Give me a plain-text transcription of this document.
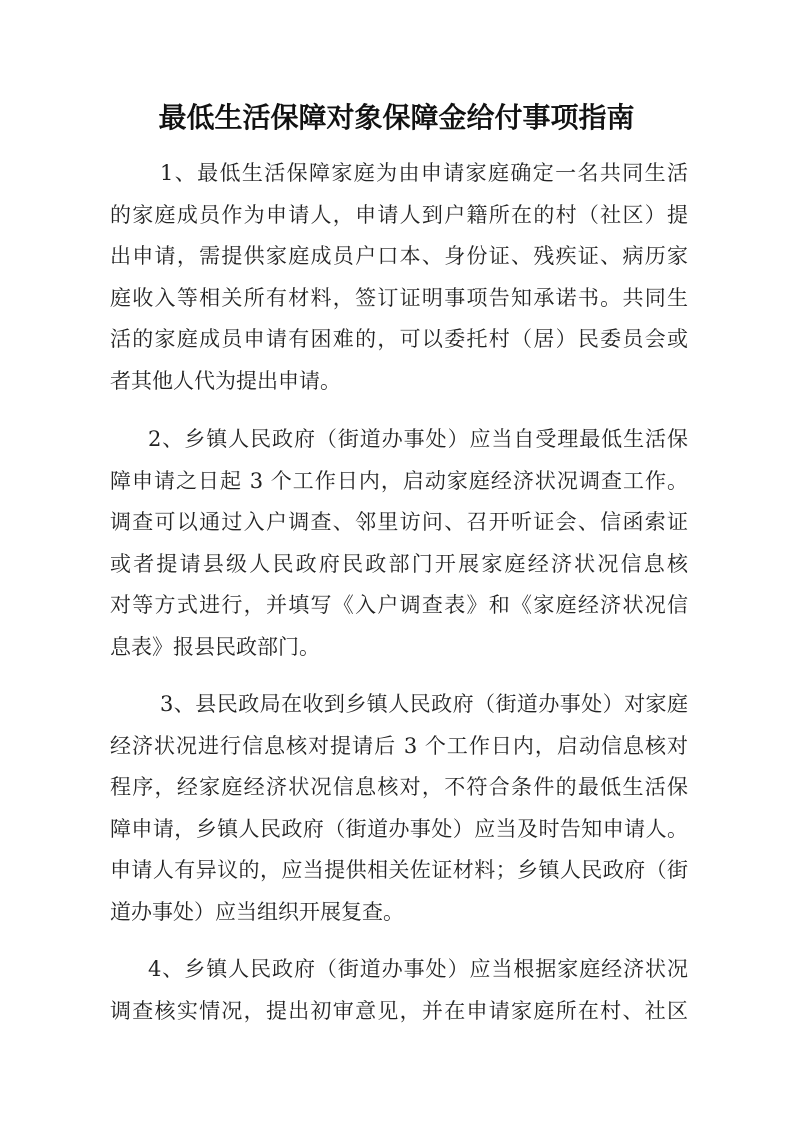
最低生活保障对象保障金给付事项指南
1、最低生活保障家庭为由申请家庭确定一名共同生活
的家庭成员作为申请人，申请人到户籍所在的村（社区）提
出申请，需提供家庭成员户口本、身份证、残疾证、病历家
庭收入等相关所有材料，签订证明事项告知承诺书。共同生
活的家庭成员申请有困难的，可以委托村（居）民委员会或
者其他人代为提出申请。
2、乡镇人民政府（街道办事处）应当自受理最低生活保
障申请之日起 3 个工作日内，启动家庭经济状况调查工作。
调查可以通过入户调查、邻里访问、召开听证会、信函索证
或者提请县级人民政府民政部门开展家庭经济状况信息核
对等方式进行，并填写《入户调查表》和《家庭经济状况信
息表》报县民政部门。
3、县民政局在收到乡镇人民政府（街道办事处）对家庭
经济状况进行信息核对提请后 3 个工作日内，启动信息核对
程序，经家庭经济状况信息核对，不符合条件的最低生活保
障申请，乡镇人民政府（街道办事处）应当及时告知申请人。
申请人有异议的，应当提供相关佐证材料；乡镇人民政府（街
道办事处）应当组织开展复查。
4、乡镇人民政府（街道办事处）应当根据家庭经济状况
调查核实情况，提出初审意见，并在申请家庭所在村、社区
